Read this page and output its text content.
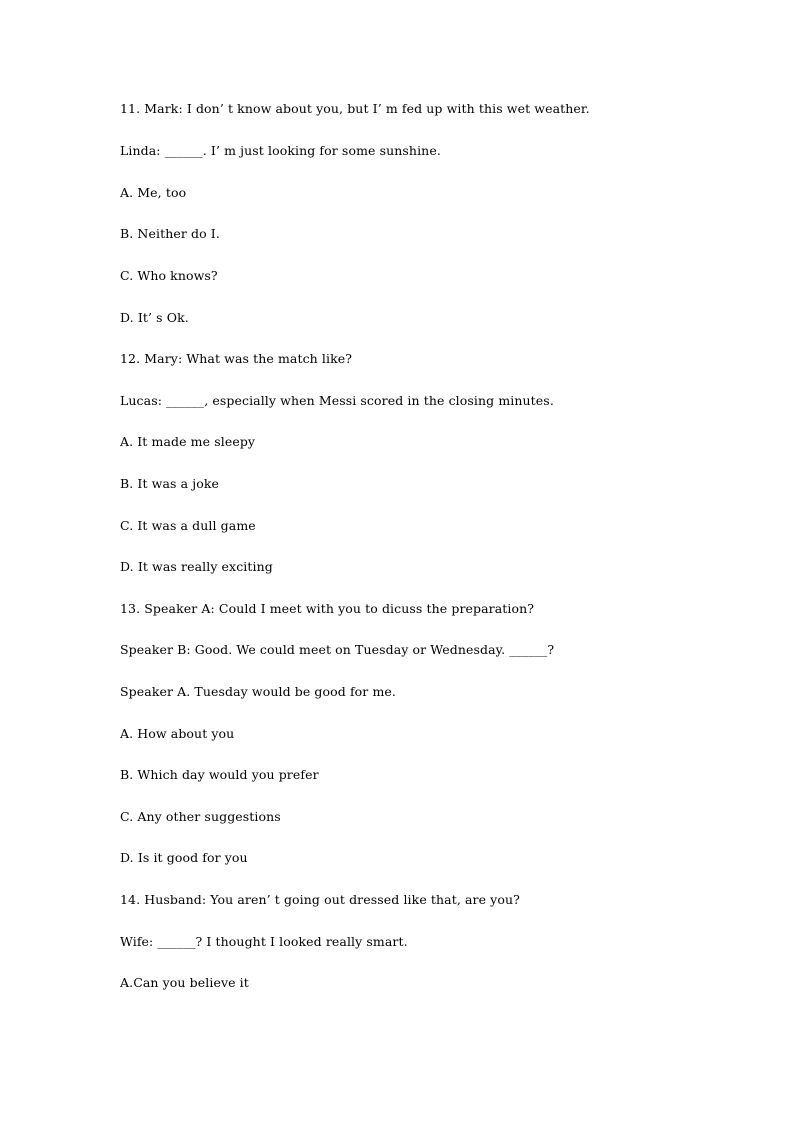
11. Mark: I don’ t know about you, but I’ m fed up with this wet weather.
Linda: ______. I’ m just looking for some sunshine.
A. Me, too
B. Neither do I.
C. Who knows?
D. It’ s Ok.
12. Mary: What was the match like?
Lucas: ______, especially when Messi scored in the closing minutes.
A. It made me sleepy
B. It was a joke
C. It was a dull game
D. It was really exciting
13. Speaker A: Could I meet with you to dicuss the preparation?
Speaker B: Good. We could meet on Tuesday or Wednesday. ______?
Speaker A. Tuesday would be good for me.
A. How about you
B. Which day would you prefer
C. Any other suggestions
D. Is it good for you
14. Husband: You aren’ t going out dressed like that, are you?
Wife: ______? I thought I looked really smart.
A.Can you believe it
